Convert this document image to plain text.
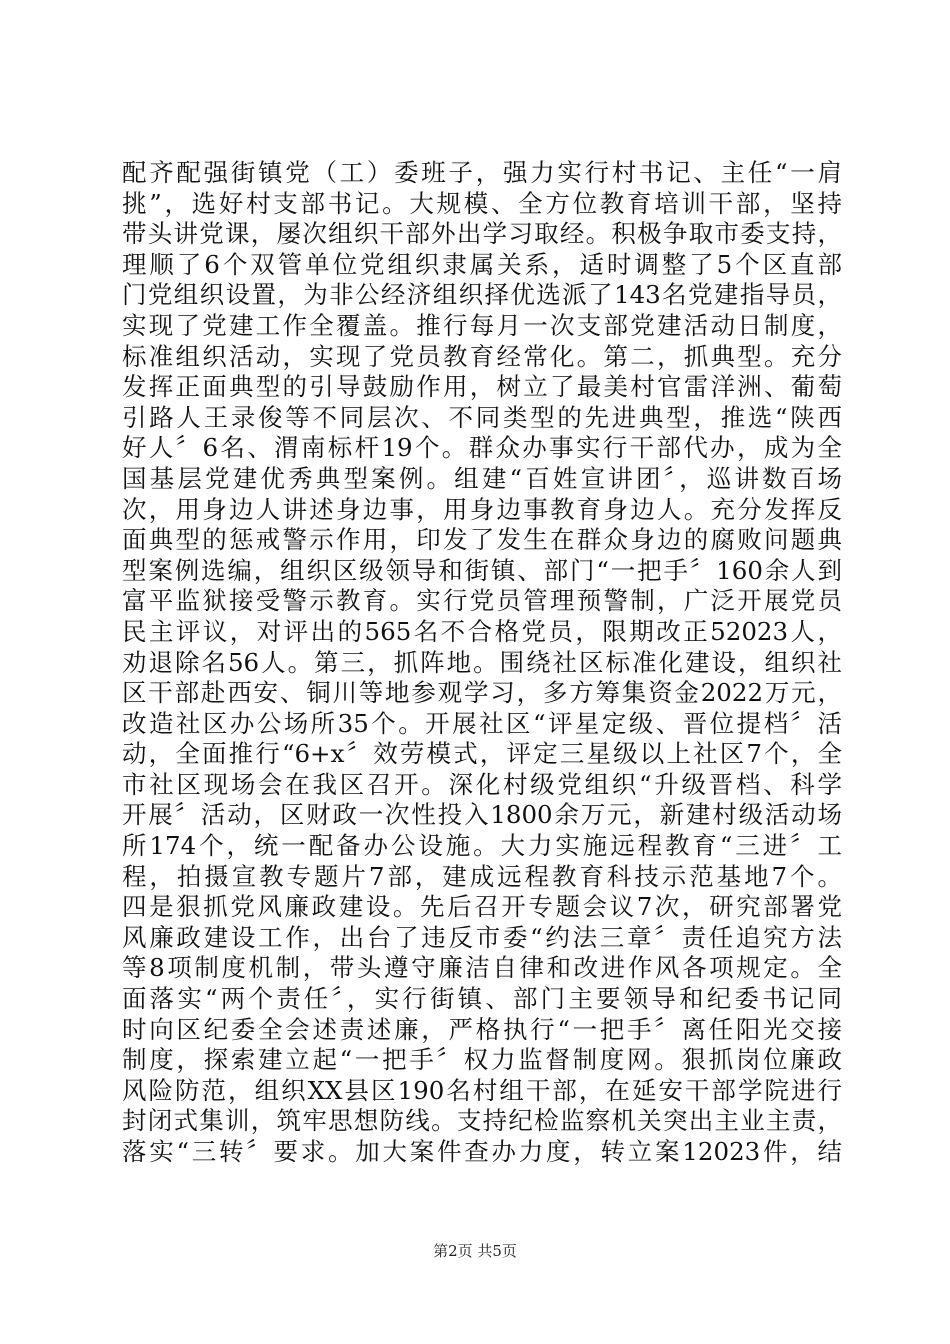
配齐配强街镇党（工）委班子，强力实行村书记、主任“一肩
挑”，选好村支部书记。大规模、全方位教育培训干部，坚持
带头讲党课，屡次组织干部外出学习取经。积极争取市委支持，
理顺了6个双管单位党组织隶属关系，适时调整了5个区直部
门党组织设置，为非公经济组织择优选派了143名党建指导员，
实现了党建工作全覆盖。推行每月一次支部党建活动日制度，
标准组织活动，实现了党员教育经常化。第二，抓典型。充分
发挥正面典型的引导鼓励作用，树立了最美村官雷洋洲、葡萄
引路人王录俊等不同层次、不同类型的先进典型，推选“陕西
好人〞6名、渭南标杆19个。群众办事实行干部代办，成为全
国基层党建优秀典型案例。组建“百姓宣讲团〞，巡讲数百场
次，用身边人讲述身边事，用身边事教育身边人。充分发挥反
面典型的惩戒警示作用，印发了发生在群众身边的腐败问题典
型案例选编，组织区级领导和街镇、部门“一把手〞160余人到
富平监狱接受警示教育。实行党员管理预警制，广泛开展党员
民主评议，对评出的565名不合格党员，限期改正52023人，
劝退除名56人。第三，抓阵地。围绕社区标准化建设，组织社
区干部赴西安、铜川等地参观学习，多方筹集资金2022万元，
改造社区办公场所35个。开展社区“评星定级、晋位提档〞活
动，全面推行“6+x〞效劳模式，评定三星级以上社区7个，全
市社区现场会在我区召开。深化村级党组织“升级晋档、科学
开展〞活动，区财政一次性投入1800余万元，新建村级活动场
所174个，统一配备办公设施。大力实施远程教育“三进〞工
程，拍摄宣教专题片7部，建成远程教育科技示范基地7个。
四是狠抓党风廉政建设。先后召开专题会议7次，研究部署党
风廉政建设工作，出台了违反市委“约法三章〞责任追究方法
等8项制度机制，带头遵守廉洁自律和改进作风各项规定。全
面落实“两个责任〞，实行街镇、部门主要领导和纪委书记同
时向区纪委全会述责述廉，严格执行“一把手〞离任阳光交接
制度，探索建立起“一把手〞权力监督制度网。狠抓岗位廉政
风险防范，组织XX县区190名村组干部，在延安干部学院进行
封闭式集训，筑牢思想防线。支持纪检监察机关突出主业主责，
落实“三转〞要求。加大案件查办力度，转立案12023件，结
第2页 共5页
